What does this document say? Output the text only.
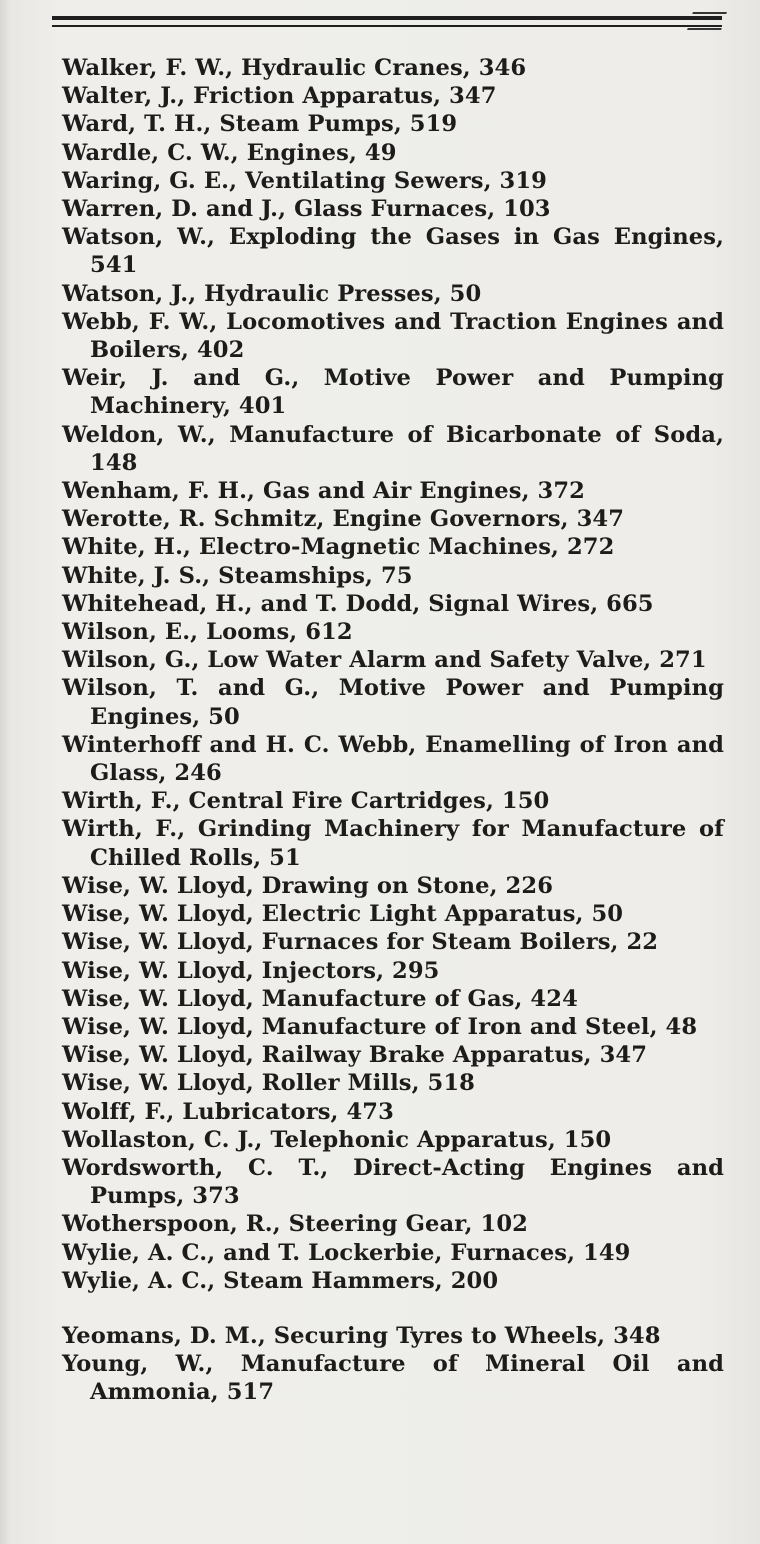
Walker, F. W., Hydraulic Cranes, 346
Walter, J., Friction Apparatus, 347
Ward, T. H., Steam Pumps, 519
Wardle, C. W., Engines, 49
Waring, G. E., Ventilating Sewers, 319
Warren, D. and J., Glass Furnaces, 103
Watson, W., Exploding the Gases in Gas Engines, 541
Watson, J., Hydraulic Presses, 50
Webb, F. W., Locomotives and Traction Engines and Boilers, 402
Weir, J. and G., Motive Power and Pumping Machinery, 401
Weldon, W., Manufacture of Bicarbonate of Soda, 148
Wenham, F. H., Gas and Air Engines, 372
Werotte, R. Schmitz, Engine Governors, 347
White, H., Electro-Magnetic Machines, 272
White, J. S., Steamships, 75
Whitehead, H., and T. Dodd, Signal Wires, 665
Wilson, E., Looms, 612
Wilson, G., Low Water Alarm and Safety Valve, 271
Wilson, T. and G., Motive Power and Pumping Engines, 50
Winterhoff and H. C. Webb, Enamelling of Iron and Glass, 246
Wirth, F., Central Fire Cartridges, 150
Wirth, F., Grinding Machinery for Manufacture of Chilled Rolls, 51
Wise, W. Lloyd, Drawing on Stone, 226
Wise, W. Lloyd, Electric Light Apparatus, 50
Wise, W. Lloyd, Furnaces for Steam Boilers, 22
Wise, W. Lloyd, Injectors, 295
Wise, W. Lloyd, Manufacture of Gas, 424
Wise, W. Lloyd, Manufacture of Iron and Steel, 48
Wise, W. Lloyd, Railway Brake Apparatus, 347
Wise, W. Lloyd, Roller Mills, 518
Wolff, F., Lubricators, 473
Wollaston, C. J., Telephonic Apparatus, 150
Wordsworth, C. T., Direct-Acting Engines and Pumps, 373
Wotherspoon, R., Steering Gear, 102
Wylie, A. C., and T. Lockerbie, Furnaces, 149
Wylie, A. C., Steam Hammers, 200
Yeomans, D. M., Securing Tyres to Wheels, 348
Young, W., Manufacture of Mineral Oil and Ammonia, 517
